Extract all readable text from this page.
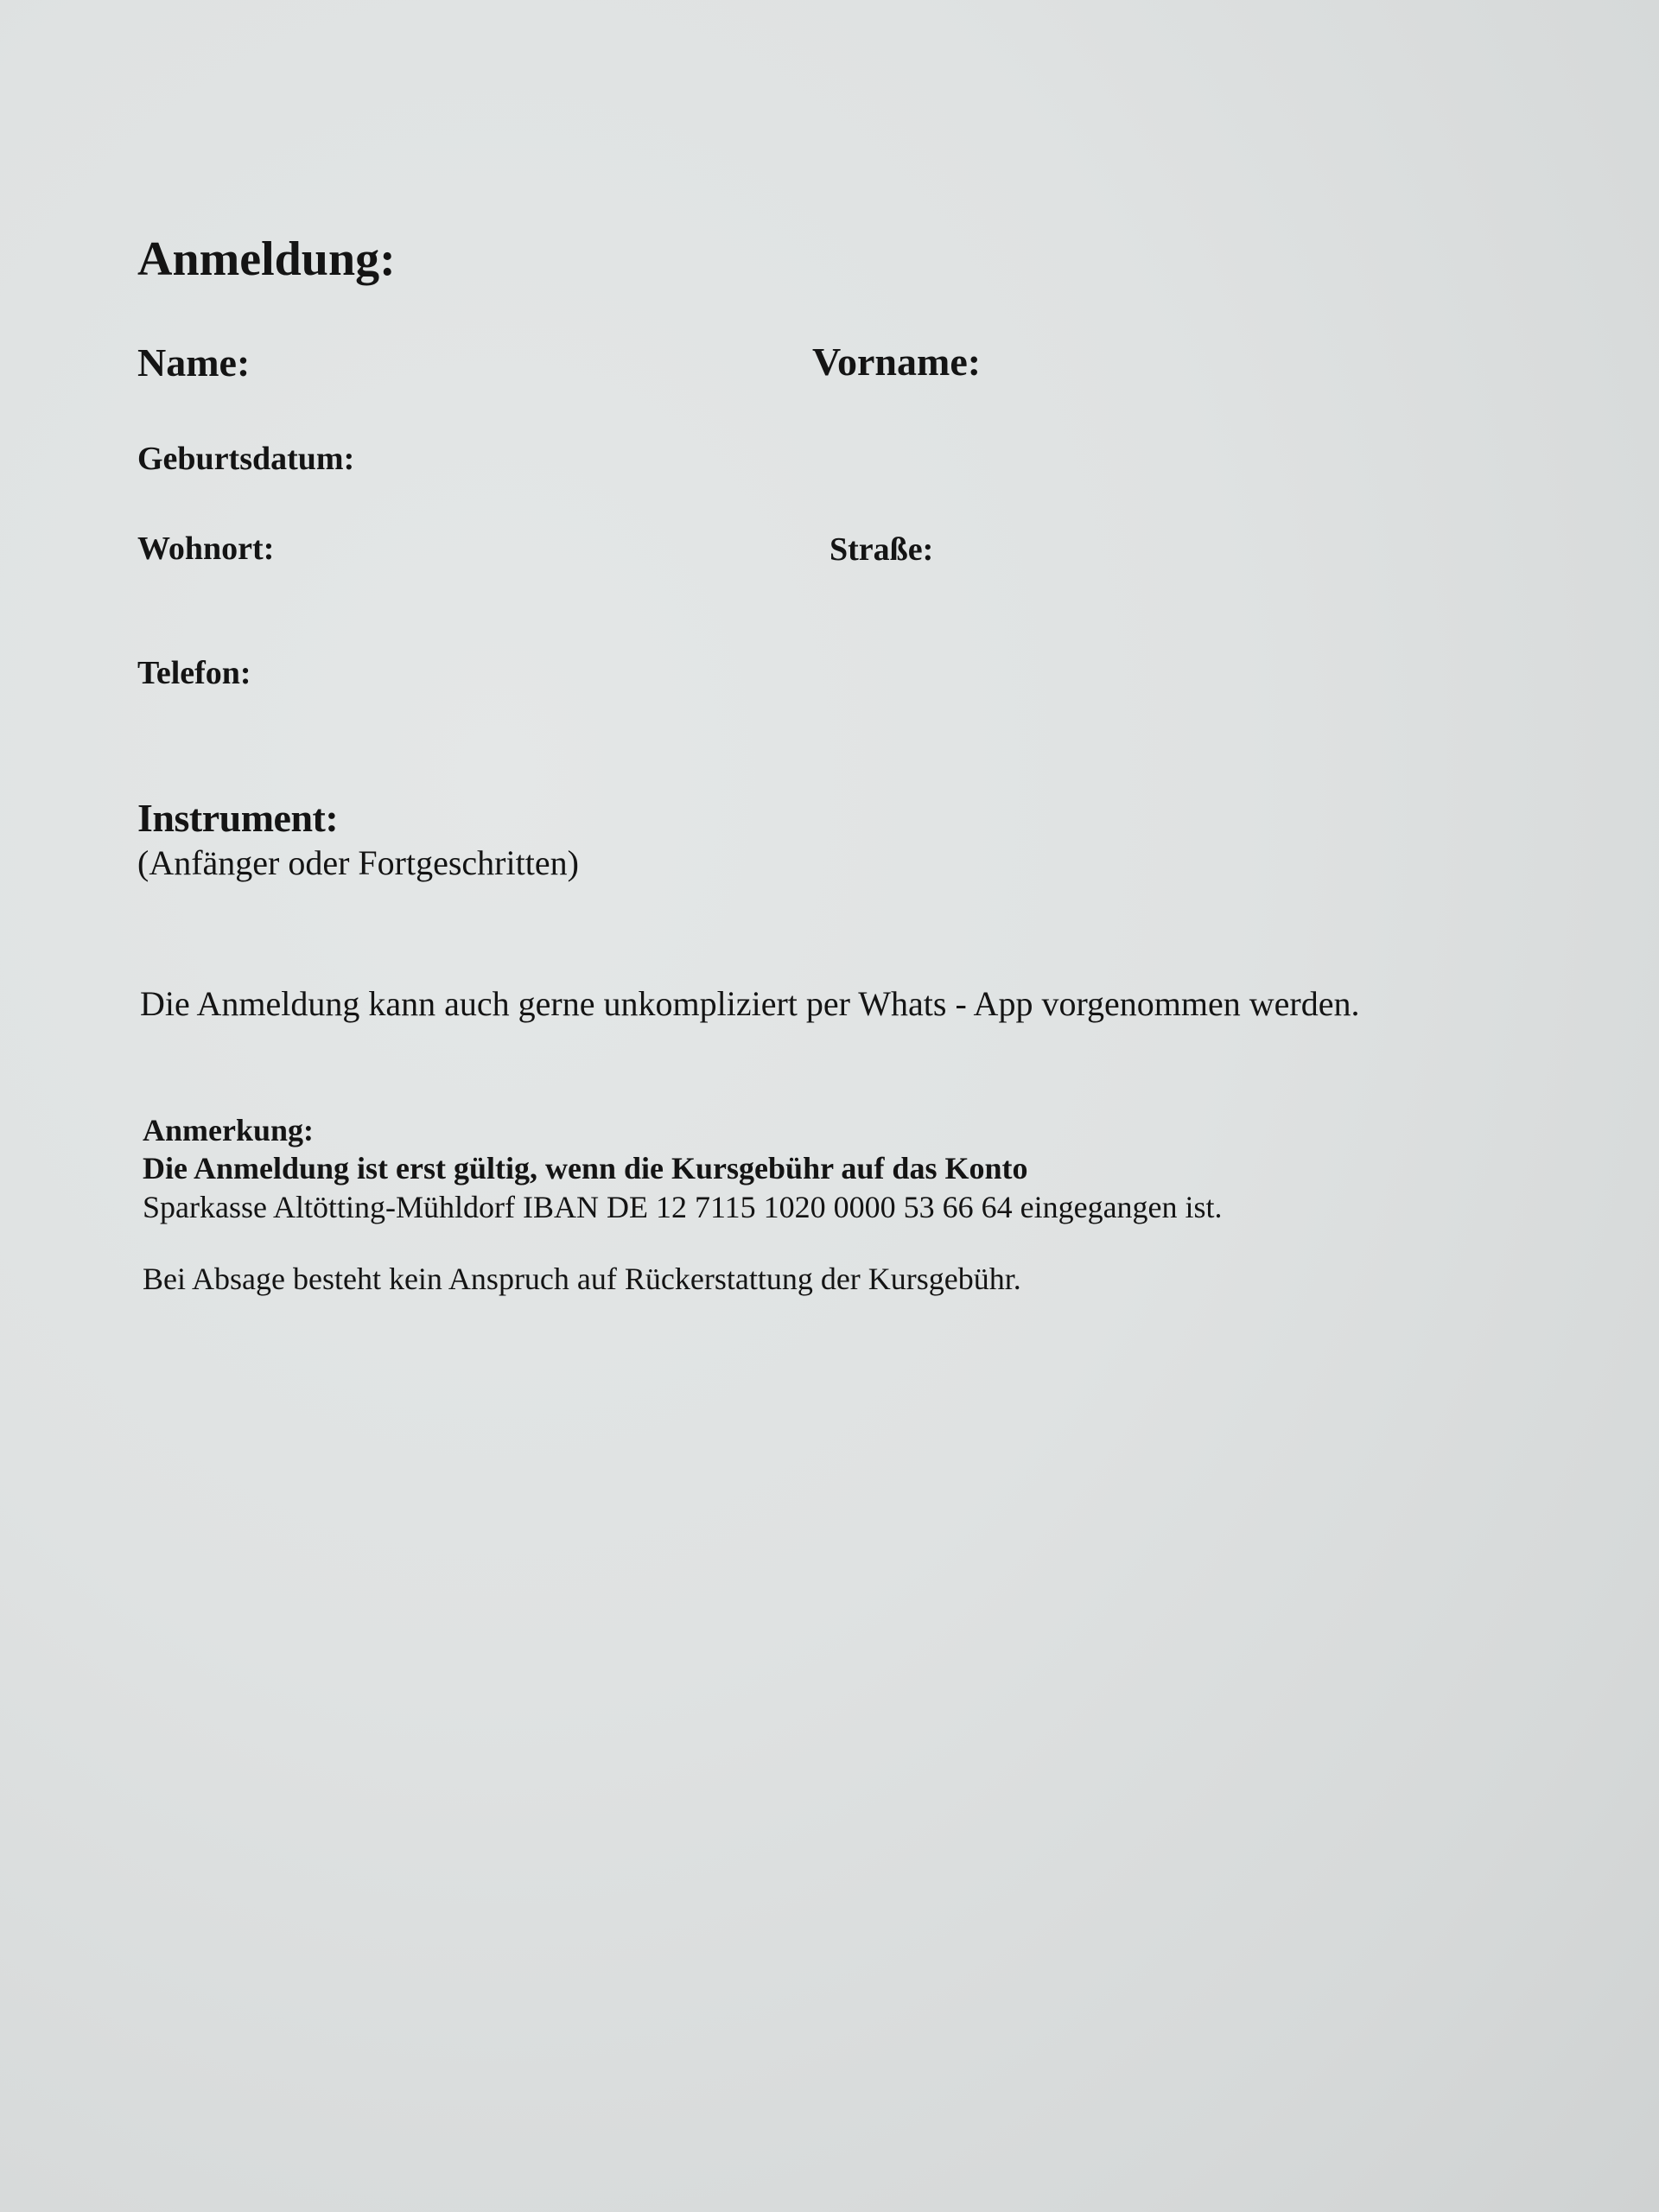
Anmeldung:
Name:	Vorname:
Geburtsdatum:
Wohnort:	Straße:
Telefon:
Instrument:
(Anfänger oder Fortgeschritten)
Die Anmeldung kann auch gerne unkompliziert per Whats - App vorgenommen werden.
Anmerkung:
Die Anmeldung ist erst gültig, wenn die Kursgebühr auf das Konto
Sparkasse Altötting-Mühldorf IBAN DE 12 7115 1020 0000 53 66 64 eingegangen ist.
Bei Absage besteht kein Anspruch auf Rückerstattung der Kursgebühr.
